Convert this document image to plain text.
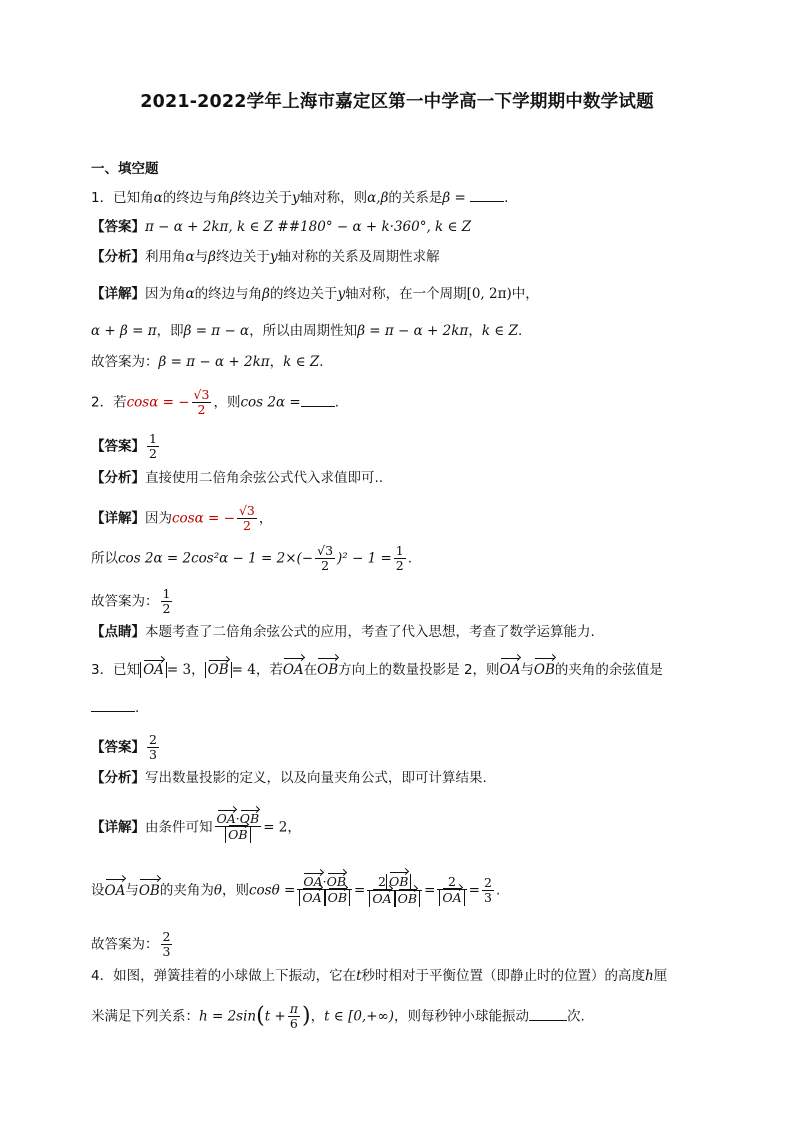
2021-2022学年上海市嘉定区第一中学高一下学期期中数学试题
一、填空题
1．已知角α的终边与角β终边关于y轴对称，则α,β的关系是β =	.
【答案】π − α + 2kπ, k ∈ Z ##180° − α + k·360°, k ∈ Z
【分析】利用角α与β终边关于y轴对称的关系及周期性求解
【详解】因为角α的终边与角β的终边关于y轴对称，在一个周期[0, 2π)中，
α + β = π，即β = π − α，所以由周期性知β = π − α + 2kπ，k ∈ Z.
故答案为：β = π − α + 2kπ，k ∈ Z.
2．若cosα = − $\frac{√3}{2}$ ，则cos 2α =	.
【答案】 $\frac{1}{2}$
【分析】直接使用二倍角余弦公式代入求值即可..
【详解】因为cosα = − $\frac{√3}{2}$ ，
所以$\cos 2\alpha = 2\cos^2\alpha - 1 = 2\times(- \frac{√3}{2} )^2 - 1 = \frac{1}{2}$ .
故答案为： $\frac{1}{2}$
【点睛】本题考查了二倍角余弦公式的应用，考查了代入思想，考查了数学运算能力.
3．已知 OA = 3， OB = 4，若OA在OB方向上的数量投影是 2，则OA与OB的夹角的余弦值是
.
【答案】 $\frac{2}{3}$
【分析】写出数量投影的定义，以及向量夹角公式，即可计算结果.
【详解】由条件可知 $\frac{OA\cdot OB}{OB} = 2$，
设OA与OB的夹角为θ，则$\cos\theta = \frac{OA\cdot OB}{\text{OA OB}} = \frac{2 OB}{\text{OA OB}} = \frac{2}{OA} = \frac{2}{3}$ .
故答案为： $\frac{2}{3}$
4．如图，弹簧挂着的小球做上下振动，它在t秒时相对于平衡位置（即静止时的位置）的高度h厘
米满足下列关系：$h = 2\sin(t + \frac{\pi}{6}$ )，t ∈ [0,+∞)，则每秒钟小球能振动	次.
